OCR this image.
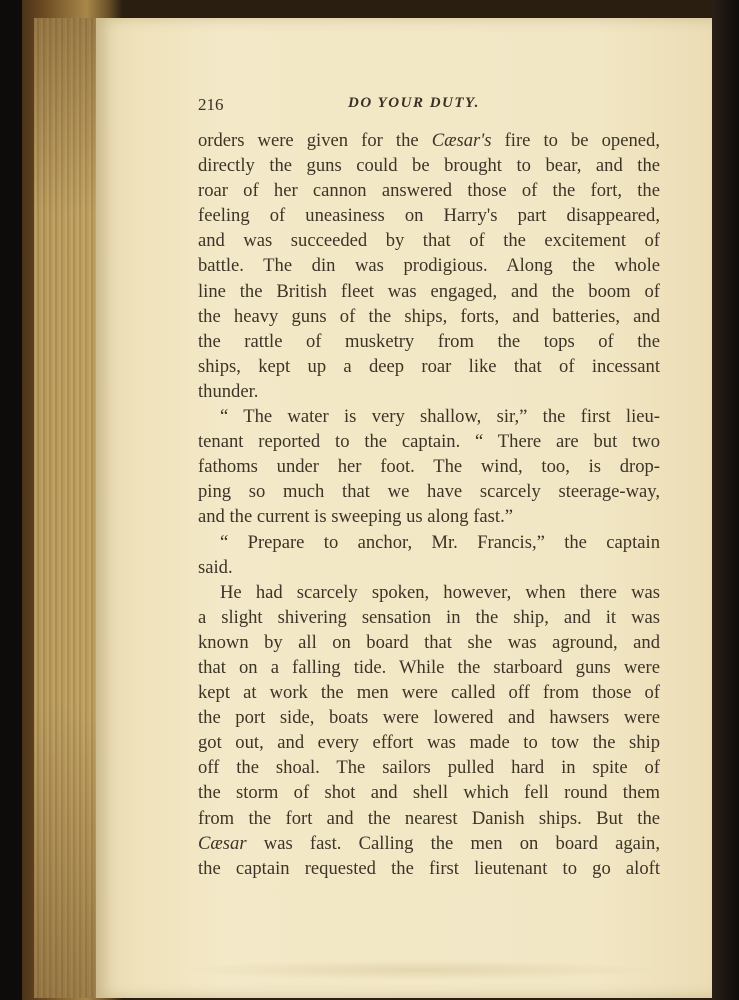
216	DO YOUR DUTY.
orders were given for the Cæsar's fire to be opened,
directly the guns could be brought to bear, and the
roar of her cannon answered those of the fort, the
feeling of uneasiness on Harry's part disappeared,
and was succeeded by that of the excitement of
battle. The din was prodigious. Along the whole
line the British fleet was engaged, and the boom of
the heavy guns of the ships, forts, and batteries, and
the rattle of musketry from the tops of the
ships, kept up a deep roar like that of incessant
thunder.
“ The water is very shallow, sir,” the first lieu-
tenant reported to the captain. “ There are but two
fathoms under her foot. The wind, too, is drop-
ping so much that we have scarcely steerage-way,
and the current is sweeping us along fast.”
“ Prepare to anchor, Mr. Francis,” the captain
said.
He had scarcely spoken, however, when there was
a slight shivering sensation in the ship, and it was
known by all on board that she was aground, and
that on a falling tide. While the starboard guns were
kept at work the men were called off from those of
the port side, boats were lowered and hawsers were
got out, and every effort was made to tow the ship
off the shoal. The sailors pulled hard in spite of
the storm of shot and shell which fell round them
from the fort and the nearest Danish ships. But the
Cæsar was fast. Calling the men on board again,
the captain requested the first lieutenant to go aloft
